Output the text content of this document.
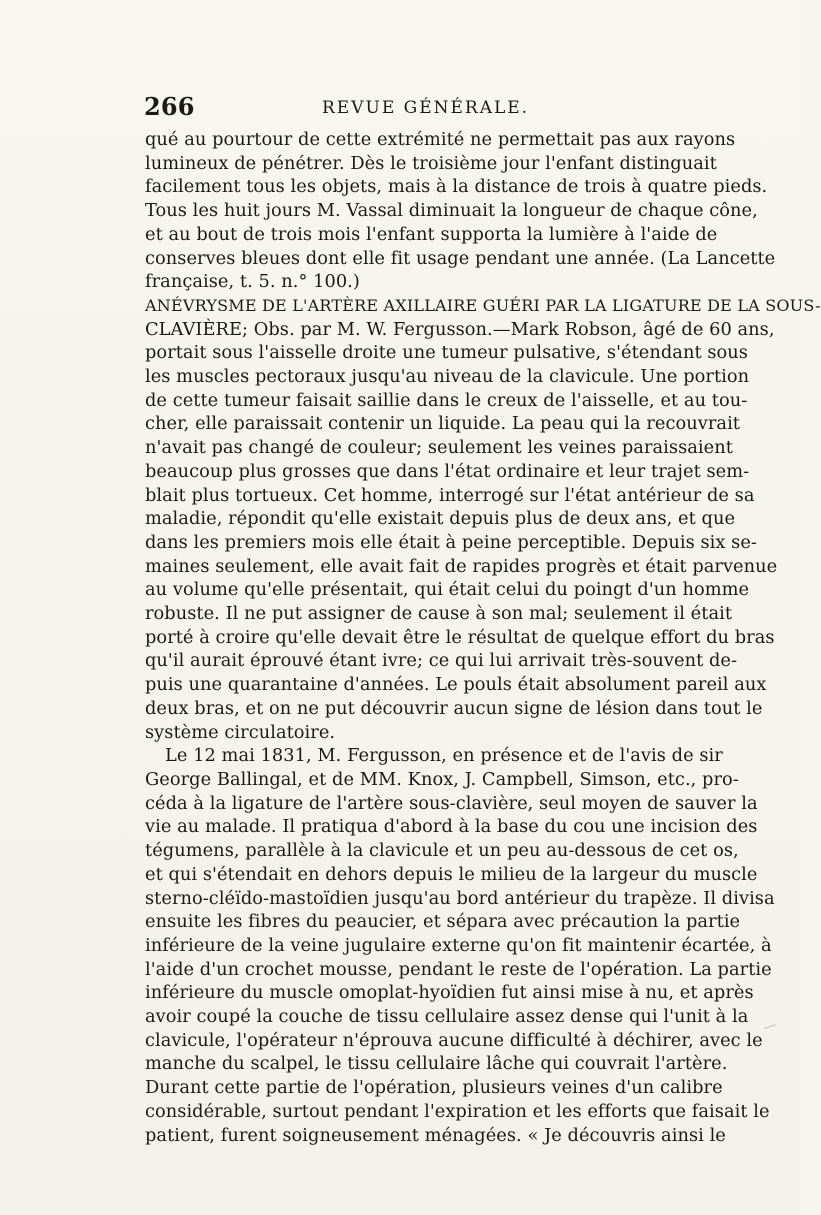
266	REVUE GÉNÉRALE.
qué au pourtour de cette extrémité ne permettait pas aux rayons
lumineux de pénétrer. Dès le troisième jour l'enfant distinguait
facilement tous les objets, mais à la distance de trois à quatre pieds.
Tous les huit jours M. Vassal diminuait la longueur de chaque cône,
et au bout de trois mois l'enfant supporta la lumière à l'aide de
conserves bleues dont elle fit usage pendant une année. (La Lancette
française, t. 5. n.° 100.)
ANÉVRYSME DE L'ARTÈRE AXILLAIRE GUÉRI PAR LA LIGATURE DE LA SOUS-
CLAVIÈRE; Obs. par M. W. Fergusson.—Mark Robson, âgé de 60 ans,
portait sous l'aisselle droite une tumeur pulsative, s'étendant sous
les muscles pectoraux jusqu'au niveau de la clavicule. Une portion
de cette tumeur faisait saillie dans le creux de l'aisselle, et au tou-
cher, elle paraissait contenir un liquide. La peau qui la recouvrait
n'avait pas changé de couleur; seulement les veines paraissaient
beaucoup plus grosses que dans l'état ordinaire et leur trajet sem-
blait plus tortueux. Cet homme, interrogé sur l'état antérieur de sa
maladie, répondit qu'elle existait depuis plus de deux ans, et que
dans les premiers mois elle était à peine perceptible. Depuis six se-
maines seulement, elle avait fait de rapides progrès et était parvenue
au volume qu'elle présentait, qui était celui du poingt d'un homme
robuste. Il ne put assigner de cause à son mal; seulement il était
porté à croire qu'elle devait être le résultat de quelque effort du bras
qu'il aurait éprouvé étant ivre; ce qui lui arrivait très-souvent de-
puis une quarantaine d'années. Le pouls était absolument pareil aux
deux bras, et on ne put découvrir aucun signe de lésion dans tout le
système circulatoire.
Le 12 mai 1831, M. Fergusson, en présence et de l'avis de sir
George Ballingal, et de MM. Knox, J. Campbell, Simson, etc., pro-
céda à la ligature de l'artère sous-clavière, seul moyen de sauver la
vie au malade. Il pratiqua d'abord à la base du cou une incision des
tégumens, parallèle à la clavicule et un peu au-dessous de cet os,
et qui s'étendait en dehors depuis le milieu de la largeur du muscle
sterno-cléïdo-mastoïdien jusqu'au bord antérieur du trapèze. Il divisa
ensuite les fibres du peaucier, et sépara avec précaution la partie
inférieure de la veine jugulaire externe qu'on fit maintenir écartée, à
l'aide d'un crochet mousse, pendant le reste de l'opération. La partie
inférieure du muscle omoplat-hyoïdien fut ainsi mise à nu, et après
avoir coupé la couche de tissu cellulaire assez dense qui l'unit à la
clavicule, l'opérateur n'éprouva aucune difficulté à déchirer, avec le
manche du scalpel, le tissu cellulaire lâche qui couvrait l'artère.
Durant cette partie de l'opération, plusieurs veines d'un calibre
considérable, surtout pendant l'expiration et les efforts que faisait le
patient, furent soigneusement ménagées. « Je découvris ainsi le
